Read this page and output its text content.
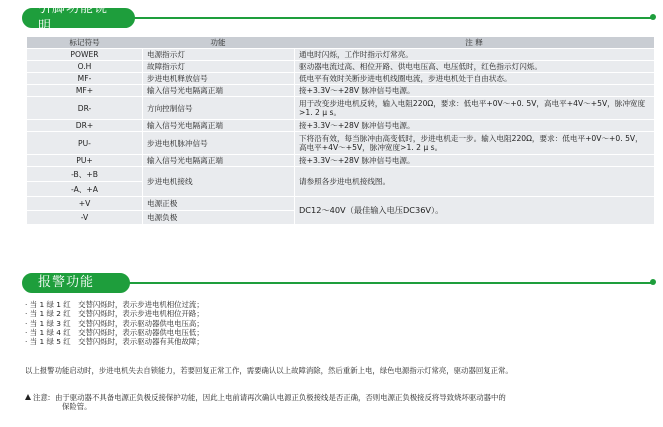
引脚功能说明
标记符号	功能	注 释
POWER	电源指示灯	通电时闪烁，工作时指示灯常亮。
O.H	故障指示灯	驱动器电流过高、相位开路、供电电压高、电压低时，红色指示灯闪烁。
MF-	步进电机释放信号	低电平有效时关断步进电机线圈电流，步进电机处于自由状态。
MF+	输入信号光电隔离正端	接+3.3V～+28V 脉冲信号电源。
DR-	方向控制信号	用于改变步进电机反转，输入电阻220Ω，要求：低电平+0V～+0. 5V，高电平+4V～+5V，脉冲宽度>1. 2 μ s。
DR+	输入信号光电隔离正端	接+3.3V～+28V 脉冲信号电源。
PU-	步进电机脉冲信号	下将沿有效，每当脉冲由高变低时，步进电机走一步。输入电阻220Ω，要求：低电平+0V～+0. 5V，高电平+4V～+5V，脉冲宽度>1. 2 μ s。
PU+	输入信号光电隔离正端	接+3.3V～+28V 脉冲信号电源。
-B、+B	步进电机接线	请参照各步进电机接线图。
-A、+A		
+V	电源正极	DC12～40V（最佳输入电压DC36V）。
-V	电源负极	
报警功能
· 当 1 绿 1 红　交替闪烁时，表示步进电机相位过流；
· 当 1 绿 2 红　交替闪烁时，表示步进电机相位开路；
· 当 1 绿 3 红　交替闪烁时，表示驱动器供电电压高；
· 当 1 绿 4 红　交替闪烁时，表示驱动器供电电压低；
· 当 1 绿 5 红　交替闪烁时，表示驱动器有其他故障；
以上报警功能启动时，步进电机失去自锁能力，若要回复正常工作，需要确认以上故障消除，然后重新上电，绿色电源指示灯常亮，驱动器回复正常。
注意: 由于驱动器不具备电源正负极反接保护功能，因此上电前请再次确认电源正负极接线是否正确，否则电源正负极接反将导致烧坏驱动器中的
保险管。
